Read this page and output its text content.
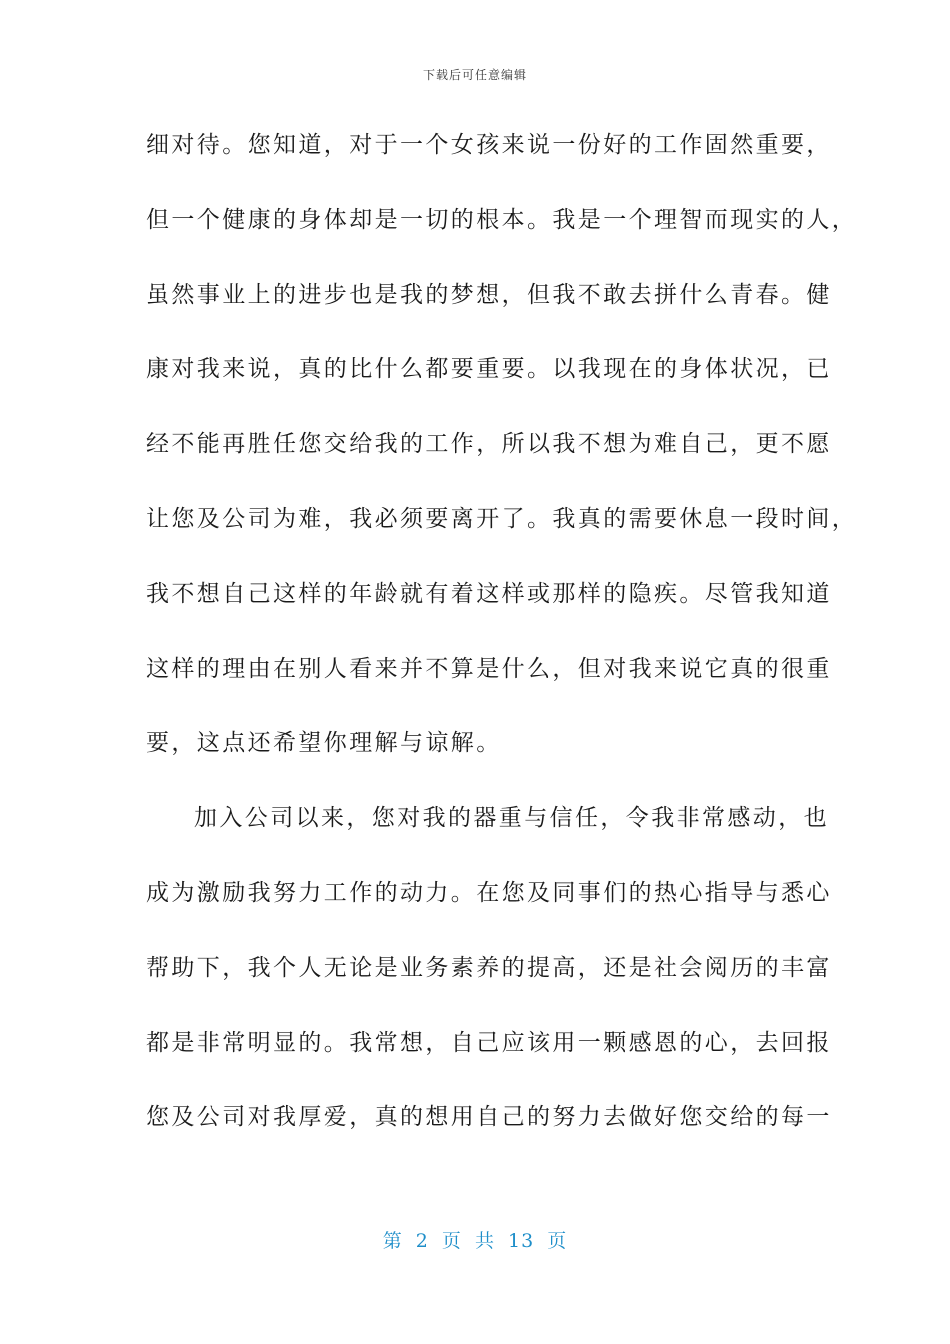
下载后可任意编辑
细对待。您知道，对于一个女孩来说一份好的工作固然重要，
但一个健康的身体却是一切的根本。我是一个理智而现实的人，
虽然事业上的进步也是我的梦想，但我不敢去拼什么青春。健
康对我来说，真的比什么都要重要。以我现在的身体状况，已
经不能再胜任您交给我的工作，所以我不想为难自己，更不愿
让您及公司为难，我必须要离开了。我真的需要休息一段时间，
我不想自己这样的年龄就有着这样或那样的隐疾。尽管我知道
这样的理由在别人看来并不算是什么，但对我来说它真的很重
要，这点还希望你理解与谅解。
加入公司以来，您对我的器重与信任，令我非常感动，也
成为激励我努力工作的动力。在您及同事们的热心指导与悉心
帮助下，我个人无论是业务素养的提高，还是社会阅历的丰富
都是非常明显的。我常想，自己应该用一颗感恩的心，去回报
您及公司对我厚爱，真的想用自己的努力去做好您交给的每一
第 2 页 共 13 页
